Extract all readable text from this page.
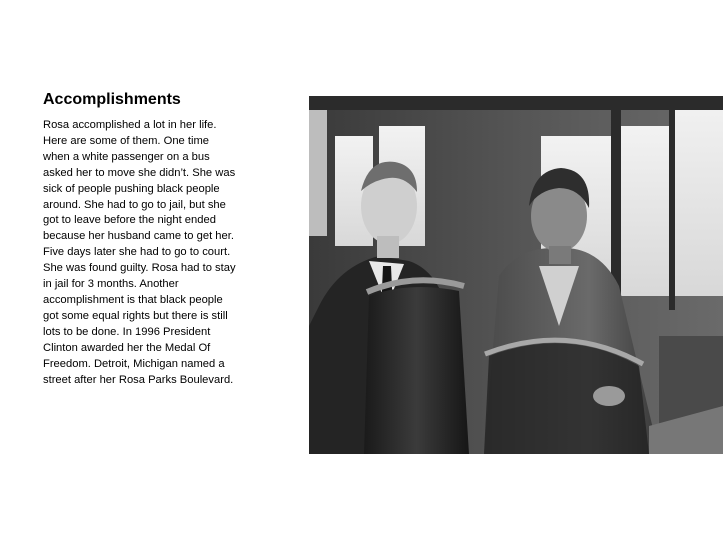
Accomplishments
Rosa accomplished a lot in her life.
Here are some of them. One time
when a white passenger on a bus
asked her to move she didn’t. She was
sick of people pushing black people
around. She had to go to jail, but she
got to leave before the night ended
because her husband came to get her.
Five days later she had to go to court.
She was found guilty. Rosa had to stay
in jail for 3 months. Another
accomplishment is that black people
got some equal rights but there is still
lots to be done. In 1996 President
Clinton awarded her the Medal Of
Freedom. Detroit, Michigan named a
street after her Rosa Parks Boulevard.
